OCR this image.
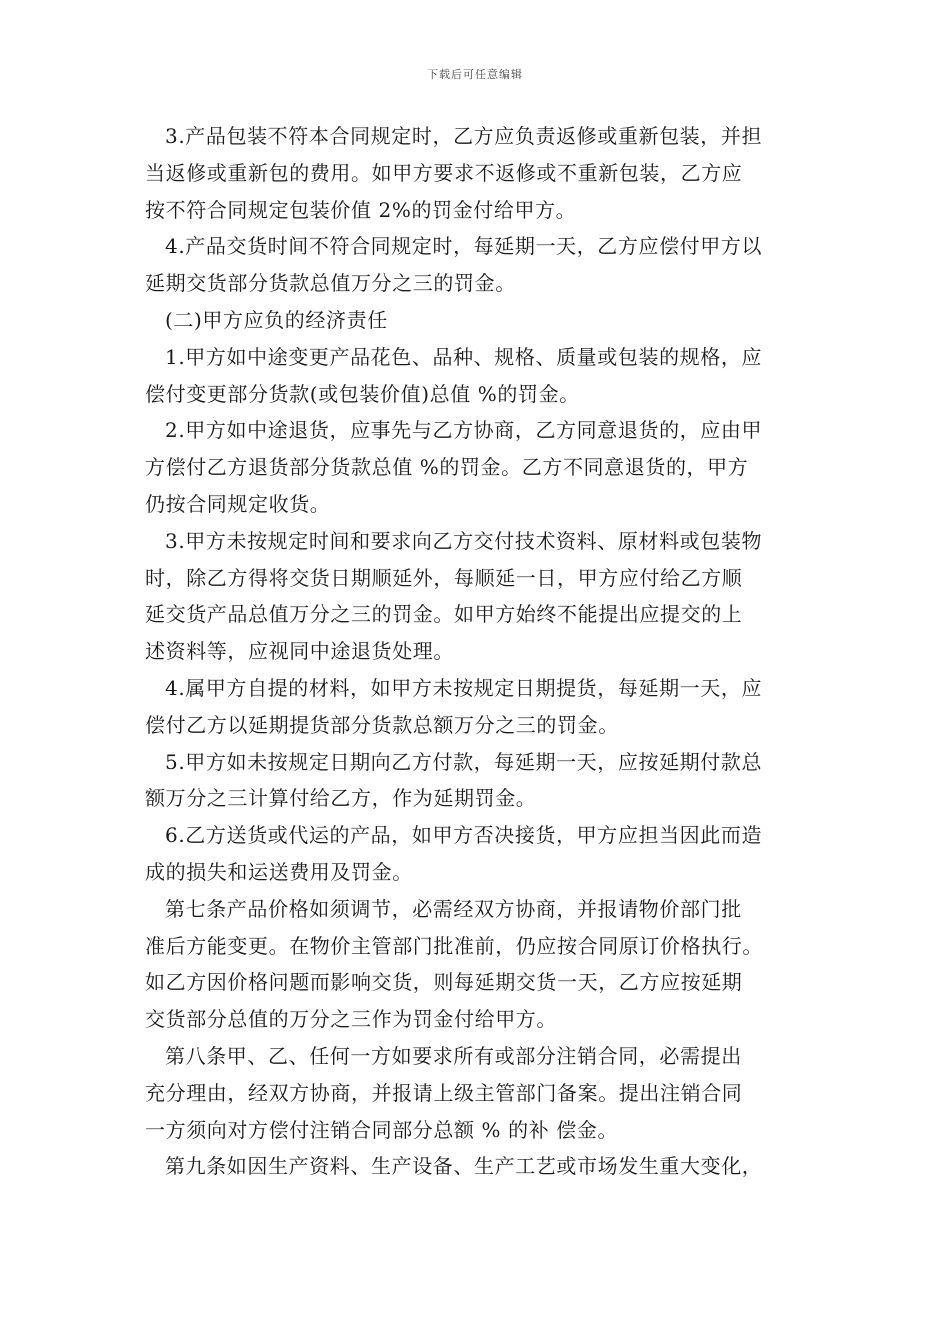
下载后可任意编辑

3.产品包装不符本合同规定时，乙方应负责返修或重新包装，并担
当返修或重新包的费用。如甲方要求不返修或不重新包装，乙方应
按不符合同规定包装价值 2%的罚金付给甲方。

4.产品交货时间不符合同规定时，每延期一天，乙方应偿付甲方以
延期交货部分货款总值万分之三的罚金。

(二)甲方应负的经济责任

1.甲方如中途变更产品花色、品种、规格、质量或包装的规格，应
偿付变更部分货款(或包装价值)总值 %的罚金。

2.甲方如中途退货，应事先与乙方协商，乙方同意退货的，应由甲
方偿付乙方退货部分货款总值 %的罚金。乙方不同意退货的，甲方
仍按合同规定收货。

3.甲方未按规定时间和要求向乙方交付技术资料、原材料或包装物
时，除乙方得将交货日期顺延外，每顺延一日，甲方应付给乙方顺
延交货产品总值万分之三的罚金。如甲方始终不能提出应提交的上
述资料等，应视同中途退货处理。

4.属甲方自提的材料，如甲方未按规定日期提货，每延期一天，应
偿付乙方以延期提货部分货款总额万分之三的罚金。

5.甲方如未按规定日期向乙方付款，每延期一天，应按延期付款总
额万分之三计算付给乙方，作为延期罚金。

6.乙方送货或代运的产品，如甲方否决接货，甲方应担当因此而造
成的损失和运送费用及罚金。

第七条产品价格如须调节，必需经双方协商，并报请物价部门批
准后方能变更。在物价主管部门批准前，仍应按合同原订价格执行。
如乙方因价格问题而影响交货，则每延期交货一天，乙方应按延期
交货部分总值的万分之三作为罚金付给甲方。

第八条甲、乙、任何一方如要求所有或部分注销合同，必需提出
充分理由，经双方协商，并报请上级主管部门备案。提出注销合同
一方须向对方偿付注销合同部分总额 % 的补 偿金。

第九条如因生产资料、生产设备、生产工艺或市场发生重大变化，
